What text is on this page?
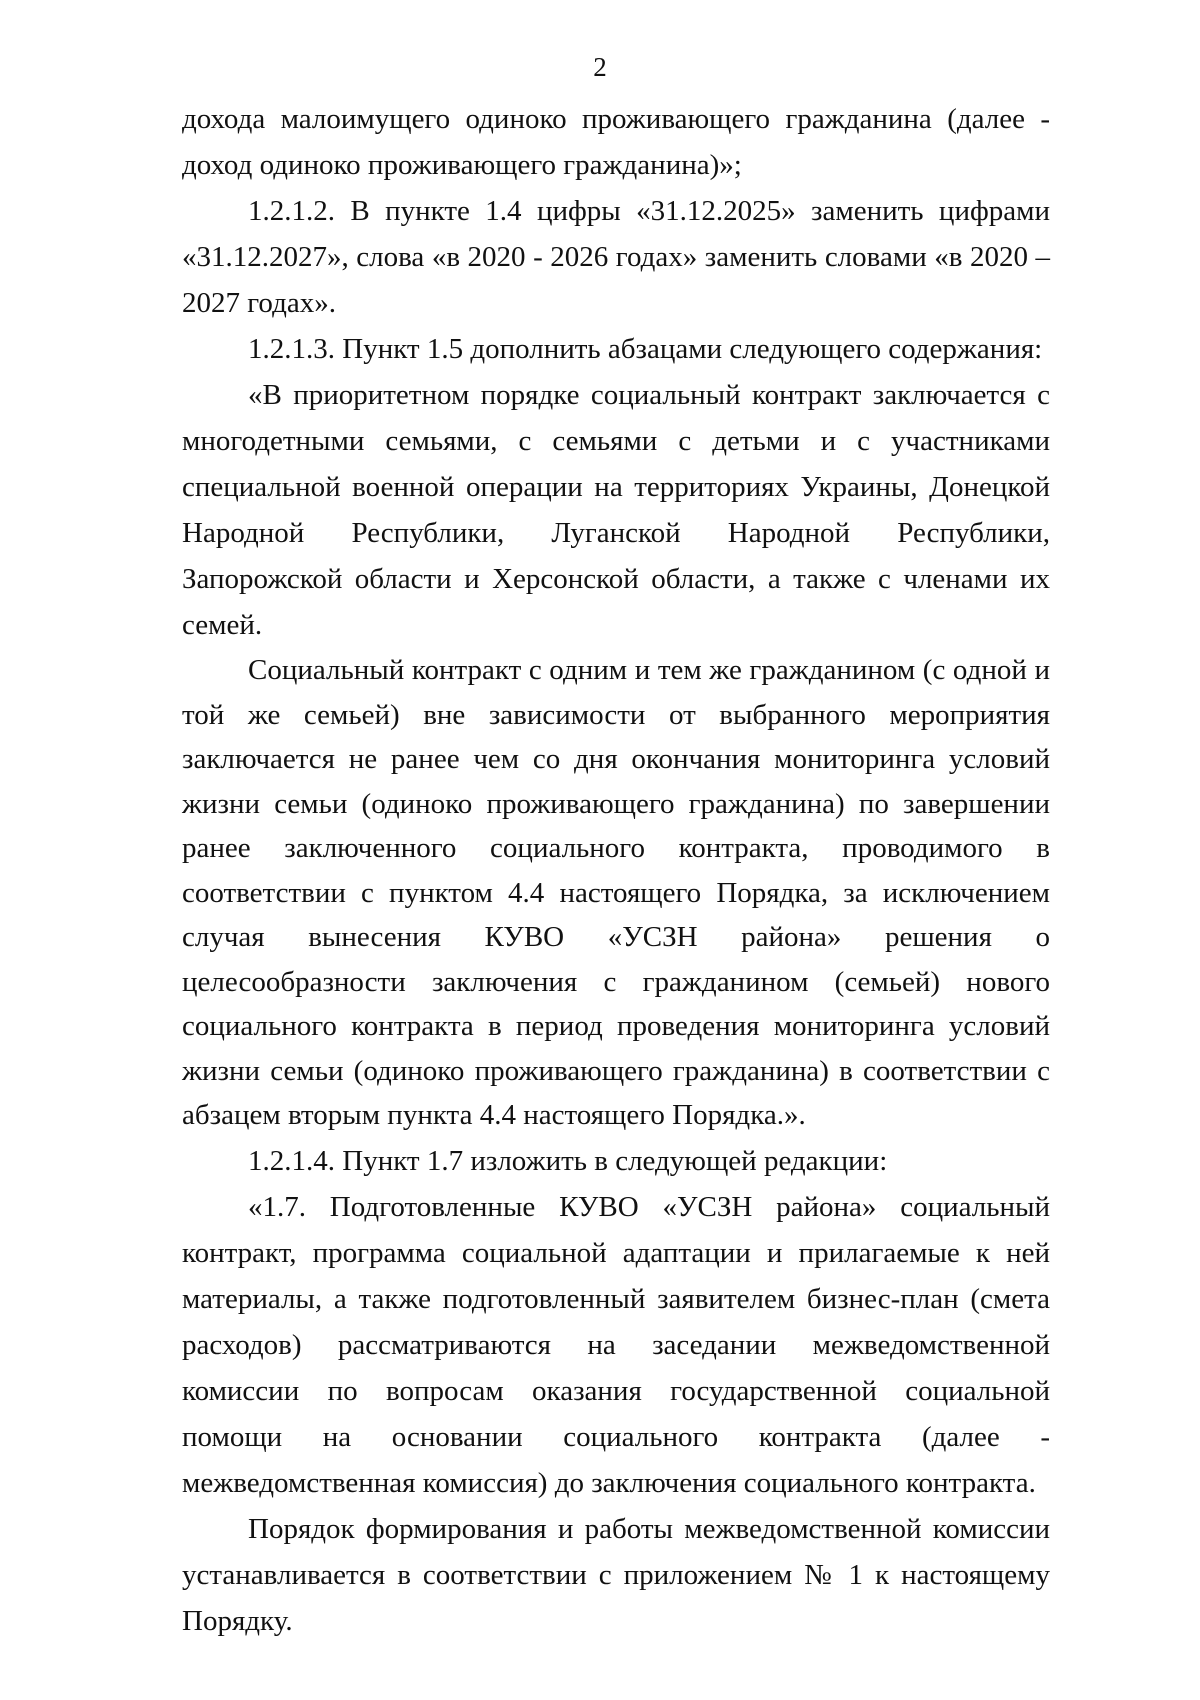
2

дохода малоимущего одиноко проживающего гражданина (далее - доход одиноко проживающего гражданина)»;

1.2.1.2. В пункте 1.4 цифры «31.12.2025» заменить цифрами «31.12.2027», слова «в 2020 - 2026 годах» заменить словами «в 2020 – 2027 годах».

1.2.1.3. Пункт 1.5 дополнить абзацами следующего содержания:

«В приоритетном порядке социальный контракт заключается с многодетными семьями, с семьями с детьми и с участниками специальной военной операции на территориях Украины, Донецкой Народной Республики, Луганской Народной Республики, Запорожской области и Херсонской области, а также с членами их семей.

Социальный контракт с одним и тем же гражданином (с одной и той же семьей) вне зависимости от выбранного мероприятия заключается не ранее чем со дня окончания мониторинга условий жизни семьи (одиноко проживающего гражданина) по завершении ранее заключенного социального контракта, проводимого в соответствии с пунктом 4.4 настоящего Порядка, за исключением случая вынесения КУВО «УСЗН района» решения о целесообразности заключения с гражданином (семьей) нового социального контракта в период проведения мониторинга условий жизни семьи (одиноко проживающего гражданина) в соответствии с абзацем вторым пункта 4.4 настоящего Порядка.».

1.2.1.4. Пункт 1.7 изложить в следующей редакции:

«1.7. Подготовленные КУВО «УСЗН района» социальный контракт, программа социальной адаптации и прилагаемые к ней материалы, а также подготовленный заявителем бизнес-план (смета расходов) рассматриваются на заседании межведомственной комиссии по вопросам оказания государственной социальной помощи на основании социального контракта (далее - межведомственная комиссия) до заключения социального контракта.

Порядок формирования и работы межведомственной комиссии устанавливается в соответствии с приложением № 1 к настоящему Порядку.
